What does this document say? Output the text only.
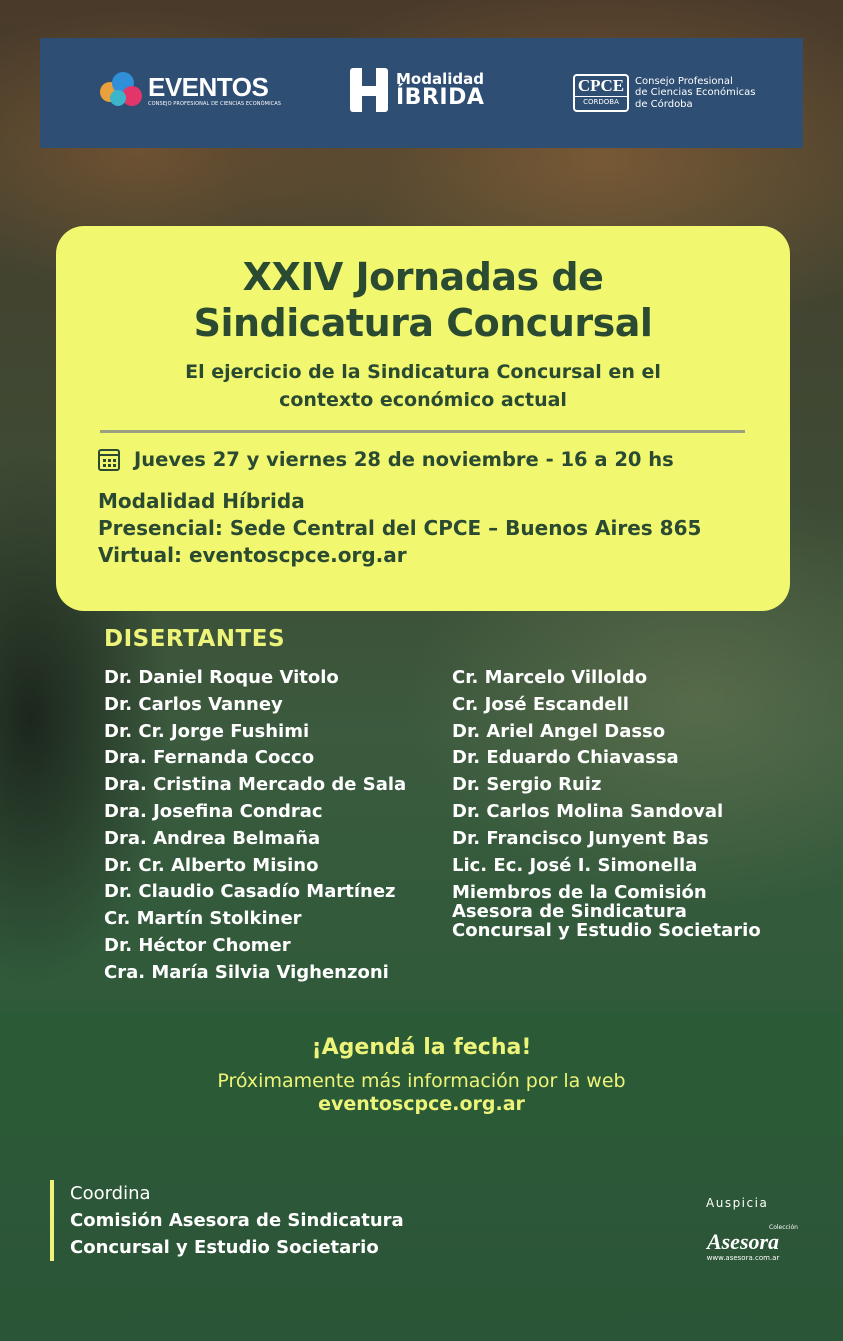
EVENTOS
CONSEJO PROFESIONAL DE CIENCIAS ECONÓMICAS
Modalidad
ÍBRIDA	CPCE
CORDOBA
Consejo Profesional
de Ciencias Económicas
de Córdoba
XXIV Jornadas de
Sindicatura Concursal
El ejercicio de la Sindicatura Concursal en el
contexto económico actual
Jueves 27 y viernes 28 de noviembre - 16 a 20 hs
Modalidad Híbrida
Presencial: Sede Central del CPCE – Buenos Aires 865
Virtual: eventoscpce.org.ar
DISERTANTES
Dr. Daniel Roque Vitolo
Dr. Carlos Vanney
Dr. Cr. Jorge Fushimi
Dra. Fernanda Cocco
Dra. Cristina Mercado de Sala
Dra. Josefina Condrac
Dra. Andrea Belmaña
Dr. Cr. Alberto Misino
Dr. Claudio Casadío Martínez
Cr. Martín Stolkiner
Dr. Héctor Chomer
Cra. María Silvia Vighenzoni
Cr. Marcelo Villoldo
Cr. José Escandell
Dr. Ariel Angel Dasso
Dr. Eduardo Chiavassa
Dr. Sergio Ruiz
Dr. Carlos Molina Sandoval
Dr. Francisco Junyent Bas
Lic. Ec. José I. Simonella
Miembros de la Comisión Asesora de Sindicatura Concursal y Estudio Societario
¡Agendá la fecha!
Próximamente más información por la web
eventoscpce.org.ar
Coordina
Comisión Asesora de Sindicatura
Concursal y Estudio Societario
Auspicia
Colección
Asesora
www.asesora.com.ar
